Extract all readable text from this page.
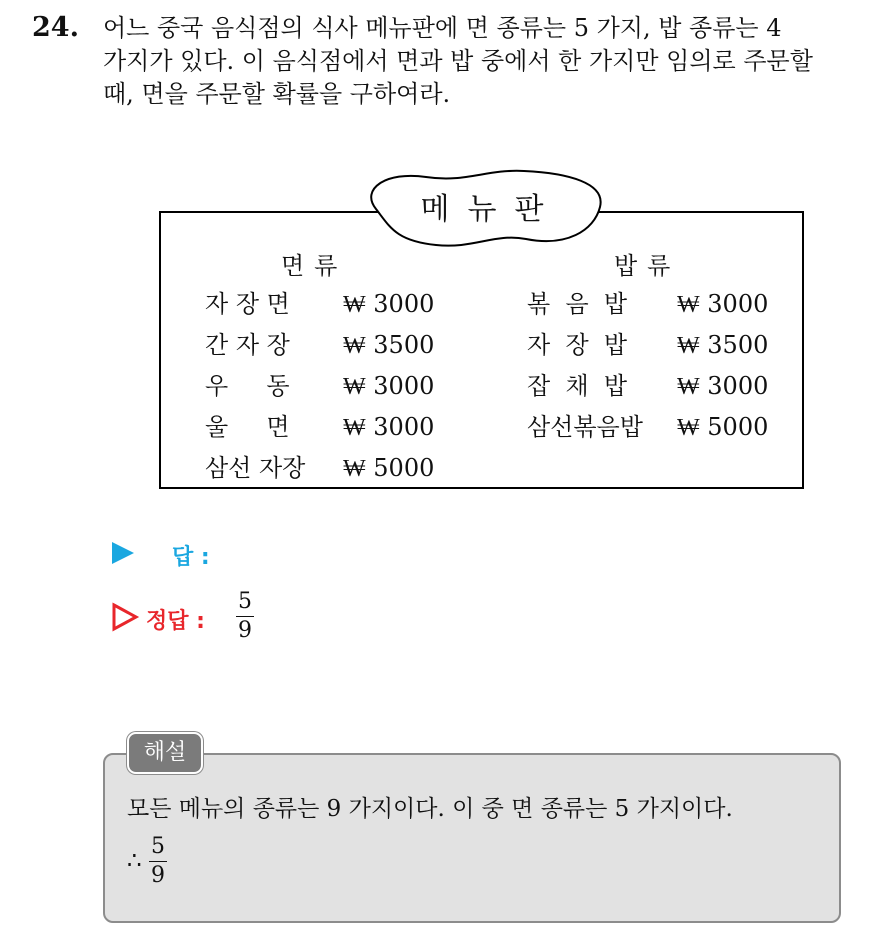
24. 어느 중국 음식점의 식사 메뉴판에 면 종류는 5 가지, 밥 종류는 4
가지가 있다. 이 음식점에서 면과 밥 중에서 한 가지만 임의로 주문할
때, 면을 주문할 확률을 구하여라.
메뉴판
면류	밥류
자 장 면 ₩ 3000
간 자 장 ₩ 3500
우     동 ₩ 3000
울     면 ₩ 3000
삼선 자장 ₩ 5000
볶  음  밥 ₩ 3000
자  장  밥 ₩ 3500
잡  채  밥 ₩ 3000
삼선볶음밥 ₩ 5000
답 :
정답 :
5
9
해설
모든 메뉴의 종류는 9 가지이다. 이 중 면 종류는 5 가지이다.
∴
5
9
